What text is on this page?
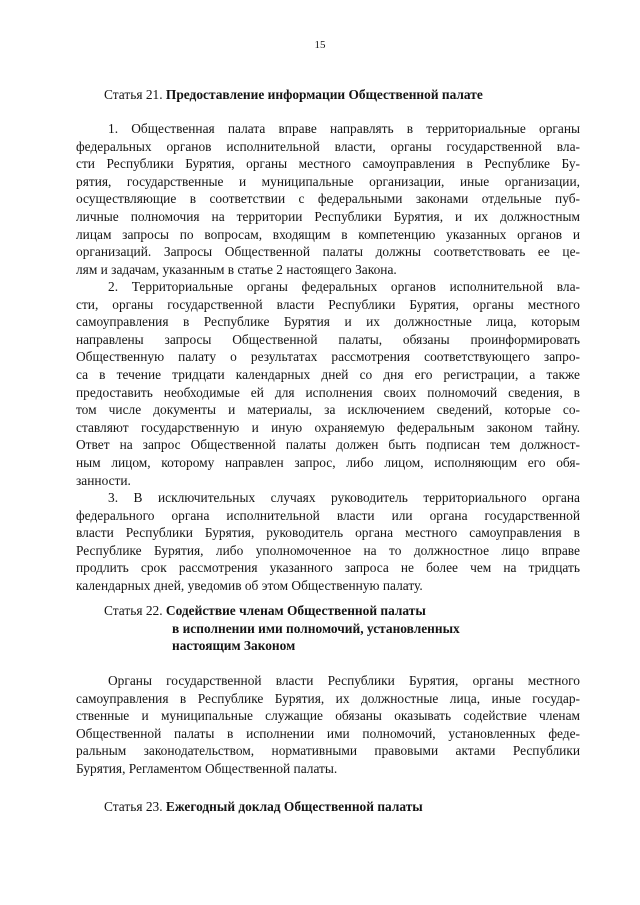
15
Статья 21. Предоставление информации Общественной палате
1. Общественная палата вправе направлять в территориальные органы
федеральных органов исполнительной власти, органы государственной вла-
сти Республики Бурятия, органы местного самоуправления в Республике Бу-
рятия, государственные и муниципальные организации, иные организации,
осуществляющие в соответствии с федеральными законами отдельные пуб-
личные полномочия на территории Республики Бурятия, и их должностным
лицам запросы по вопросам, входящим в компетенцию указанных органов и
организаций. Запросы Общественной палаты должны соответствовать ее це-
лям и задачам, указанным в статье 2 настоящего Закона.
2. Территориальные органы федеральных органов исполнительной вла-
сти, органы государственной власти Республики Бурятия, органы местного
самоуправления в Республике Бурятия и их должностные лица, которым
направлены запросы Общественной палаты, обязаны проинформировать
Общественную палату о результатах рассмотрения соответствующего запро-
са в течение тридцати календарных дней со дня его регистрации, а также
предоставить необходимые ей для исполнения своих полномочий сведения, в
том числе документы и материалы, за исключением сведений, которые со-
ставляют государственную и иную охраняемую федеральным законом тайну.
Ответ на запрос Общественной палаты должен быть подписан тем должност-
ным лицом, которому направлен запрос, либо лицом, исполняющим его обя-
занности.
3. В исключительных случаях руководитель территориального органа
федерального органа исполнительной власти или органа государственной
власти Республики Бурятия, руководитель органа местного самоуправления в
Республике Бурятия, либо уполномоченное на то должностное лицо вправе
продлить срок рассмотрения указанного запроса не более чем на тридцать
календарных дней, уведомив об этом Общественную палату.
Статья 22. Содействие членам Общественной палаты
в исполнении ими полномочий, установленных
настоящим Законом
Органы государственной власти Республики Бурятия, органы местного
самоуправления в Республике Бурятия, их должностные лица, иные государ-
ственные и муниципальные служащие обязаны оказывать содействие членам
Общественной палаты в исполнении ими полномочий, установленных феде-
ральным законодательством, нормативными правовыми актами Республики
Бурятия, Регламентом Общественной палаты.
Статья 23. Ежегодный доклад Общественной палаты
